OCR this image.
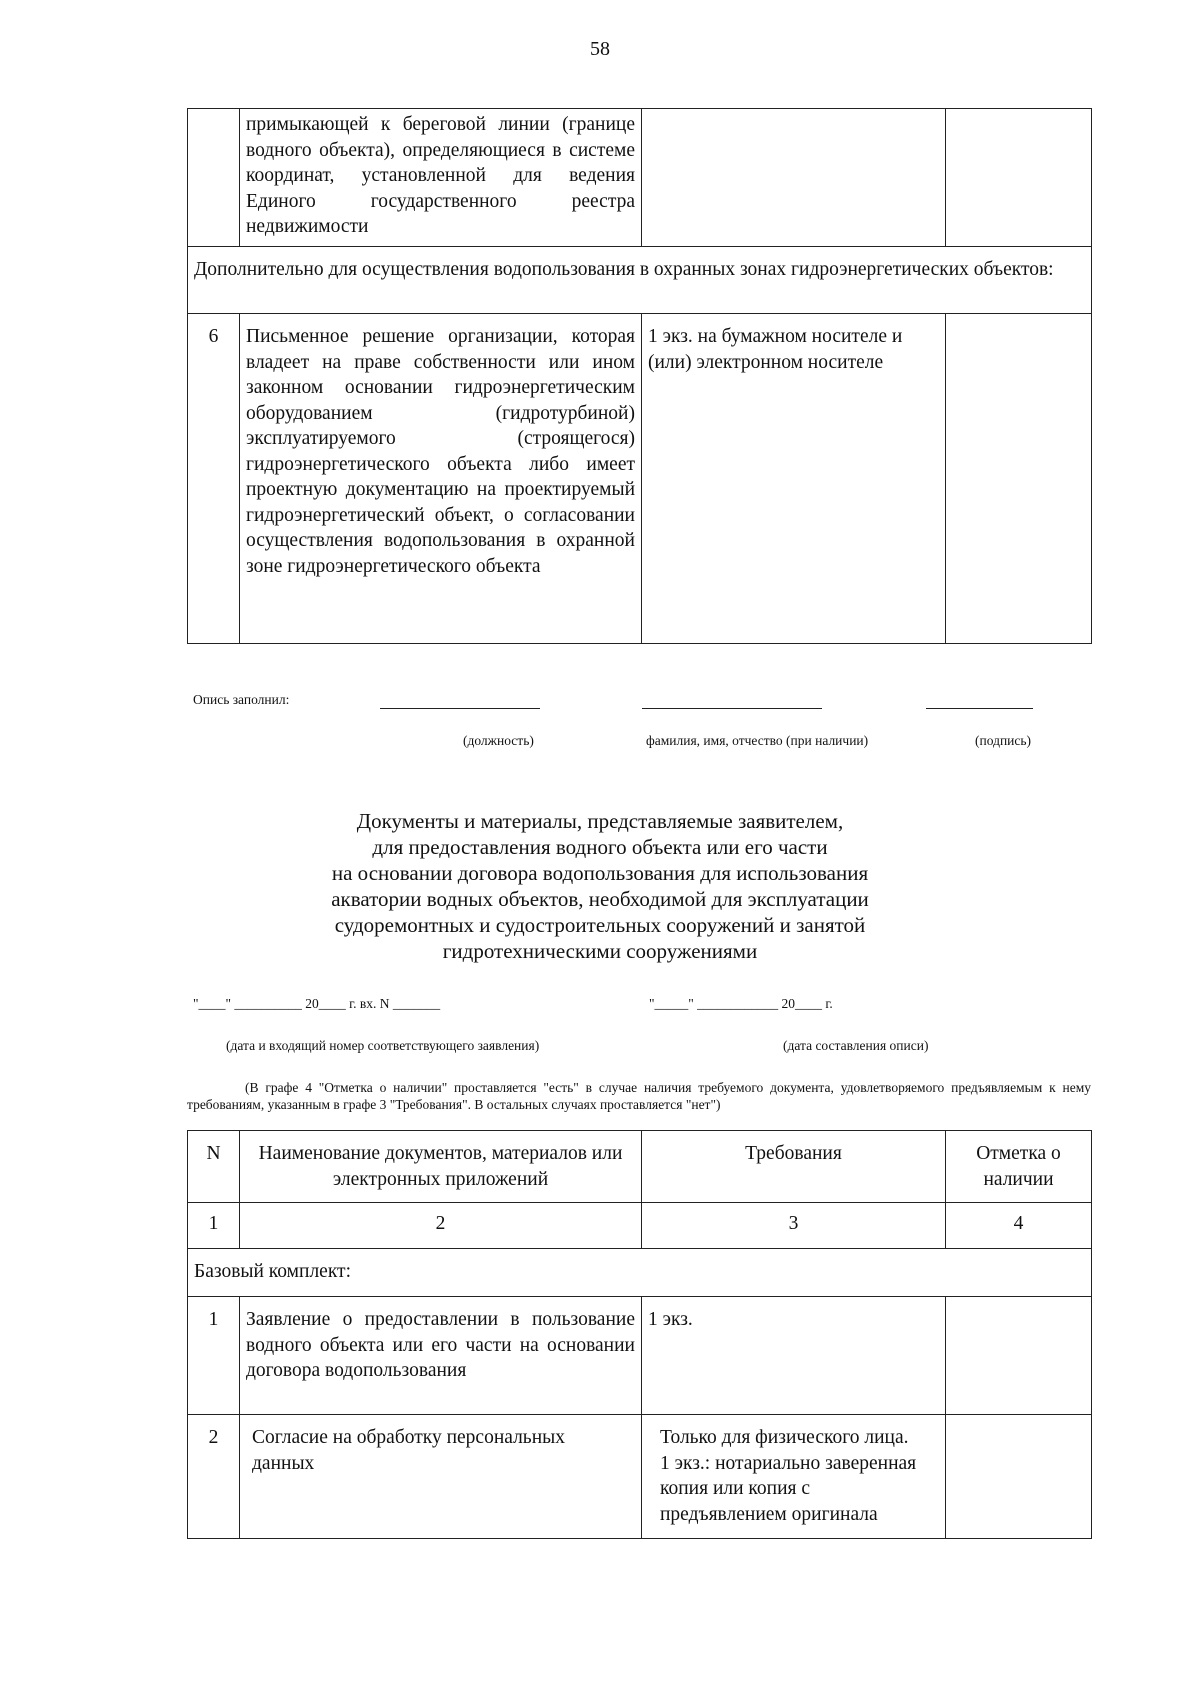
58
	примыкающей к береговой линии (границе водного объекта), определяющиеся в системе координат, установленной для ведения Единого государственного реестра недвижимости		
Дополнительно для осуществления водопользования в охранных зонах гидроэнергетических объектов:			
6	Письменное решение организации, которая владеет на праве собственности или ином законном основании гидроэнергетическим оборудованием (гидротурбиной) эксплуатируемого (строящегося) гидроэнергетического объекта либо имеет проектную документацию на проектируемый гидроэнергетический объект, о согласовании осуществления водопользования в охранной зоне гидроэнергетического объекта	1 экз. на бумажном носителе и (или) электронном носителе	
Опись заполнил:
(должность)	фамилия, имя, отчество (при наличии)	(подпись)
Документы и материалы, представляемые заявителем,
для предоставления водного объекта или его части
на основании договора водопользования для использования
акватории водных объектов, необходимой для эксплуатации
судоремонтных и судостроительных сооружений и занятой
гидротехническими сооружениями
"____" __________ 20____ г. вх. N _______	"_____" ____________ 20____ г.
(дата и входящий номер соответствующего заявления)	(дата составления описи)
(В графе 4 "Отметка о наличии" проставляется "есть" в случае наличия требуемого документа, удовлетворяемого предъявляемым к нему требованиям, указанным в графе 3 "Требования". В остальных случаях проставляется "нет")
N	Наименование документов, материалов или электронных приложений	Требования	Отметка о наличии
1	2	3	4
Базовый комплект:			
1	Заявление о предоставлении в пользование водного объекта или его части на основании договора водопользования	1 экз.	
2	Согласие на обработку персональных данных	Только для физического лица. 1 экз.: нотариально заверенная копия или копия с предъявлением оригинала	
